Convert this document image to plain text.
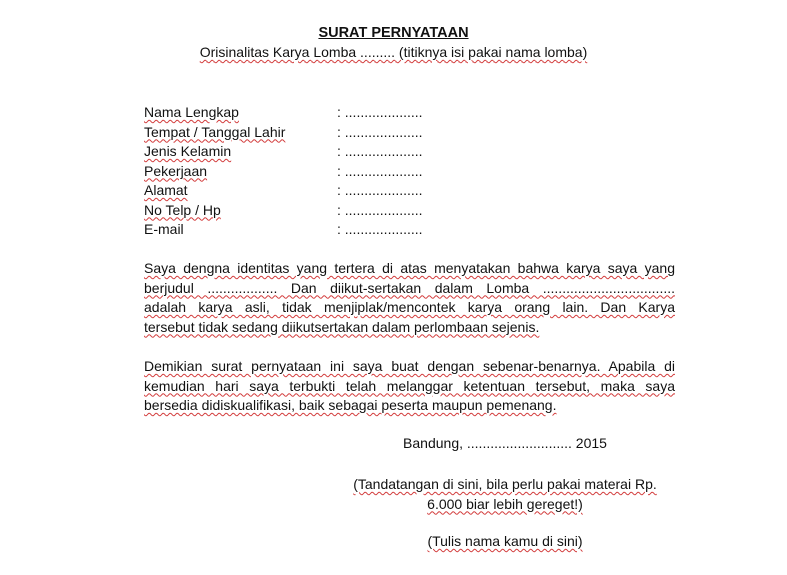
SURAT PERNYATAAN
Orisinalitas Karya Lomba ......... (titiknya isi pakai nama lomba)
Nama Lengkap	: ....................
Tempat / Tanggal Lahir	: ....................
Jenis Kelamin	: ....................
Pekerjaan	: ....................
Alamat	: ....................
No Telp / Hp	: ....................
E-mail	: ....................
Saya dengna identitas yang tertera di atas menyatakan bahwa karya saya yang
berjudul .................. Dan diikut-sertakan dalam Lomba ..................................
adalah karya asli, tidak menjiplak/mencontek karya orang lain. Dan Karya
tersebut tidak sedang diikutsertakan dalam perlombaan sejenis.
Demikian surat pernyataan ini saya buat dengan sebenar-benarnya. Apabila di
kemudian hari saya terbukti telah melanggar ketentuan tersebut, maka saya
bersedia didiskualifikasi, baik sebagai peserta maupun pemenang.
Bandung, ........................... 2015
(Tandatangan di sini, bila perlu pakai materai Rp.
6.000 biar lebih gereget!)
(Tulis nama kamu di sini)
